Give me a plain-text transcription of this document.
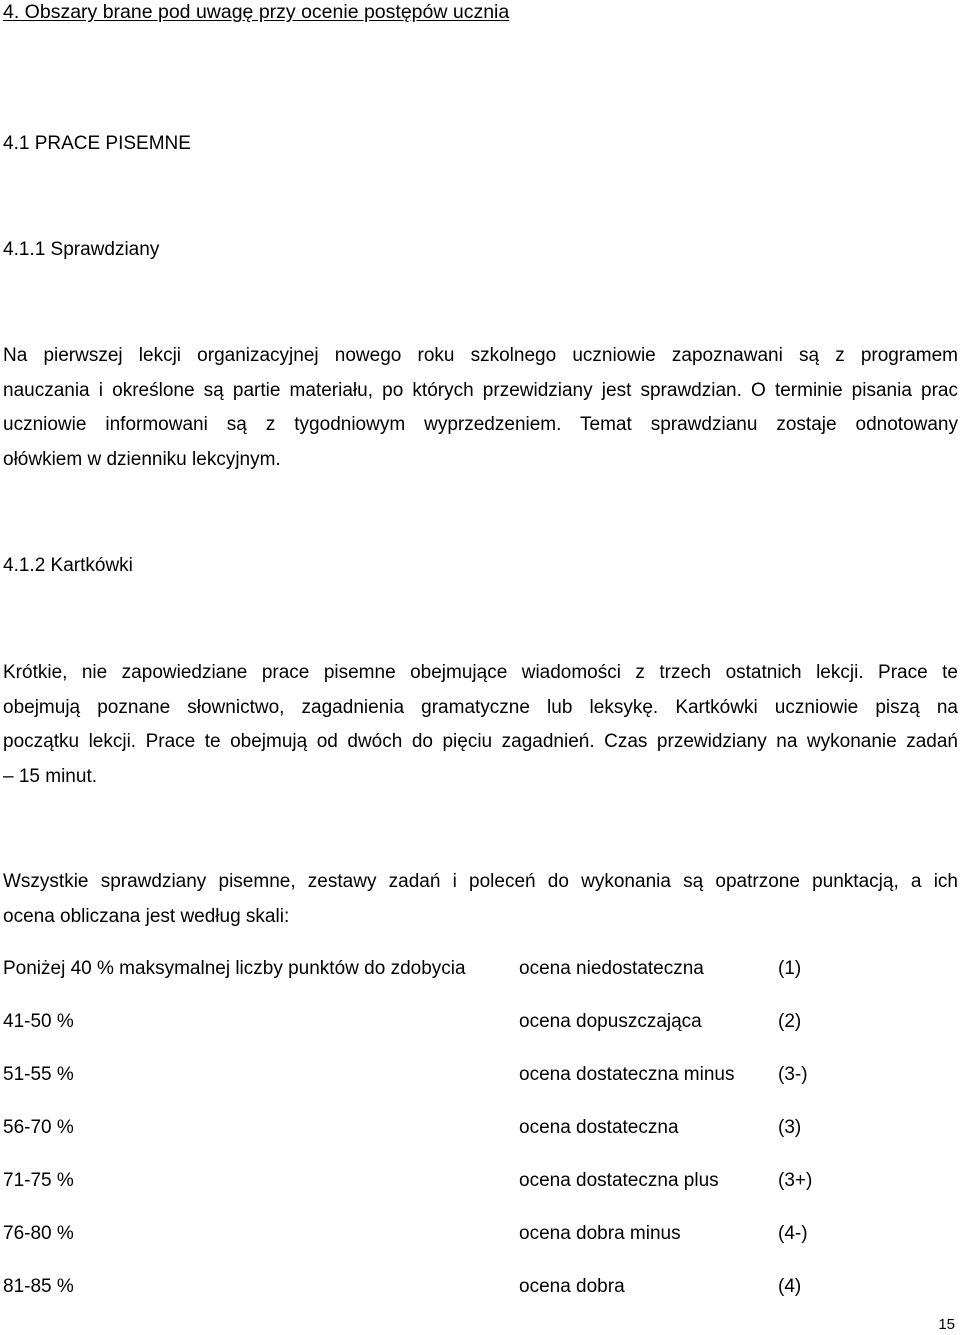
4. Obszary brane pod uwagę przy ocenie postępów ucznia
4.1 PRACE PISEMNE
4.1.1 Sprawdziany
Na pierwszej lekcji organizacyjnej nowego roku szkolnego uczniowie zapoznawani są z programem
nauczania i określone są partie materiału, po których przewidziany jest sprawdzian. O terminie pisania prac
uczniowie informowani są z tygodniowym wyprzedzeniem. Temat sprawdzianu zostaje odnotowany
ołówkiem w dzienniku lekcyjnym.
4.1.2 Kartkówki
Krótkie, nie zapowiedziane prace pisemne obejmujące wiadomości z trzech ostatnich lekcji. Prace te
obejmują poznane słownictwo, zagadnienia gramatyczne lub leksykę. Kartkówki uczniowie piszą na
początku lekcji. Prace te obejmują od dwóch do pięciu zagadnień. Czas przewidziany na wykonanie zadań
– 15 minut.
Wszystkie sprawdziany pisemne, zestawy zadań i poleceń do wykonania są opatrzone punktacją, a ich
ocena obliczana jest według skali:
Poniżej 40 % maksymalnej liczby punktów do zdobycia	ocena niedostateczna	(1)
41-50 %	ocena dopuszczająca	(2)
51-55 %	ocena dostateczna minus (3-)
56-70 %	ocena dostateczna	(3)
71-75 %	ocena dostateczna plus	(3+)
76-80 %	ocena dobra minus	(4-)
81-85 %	ocena dobra	(4)
15
